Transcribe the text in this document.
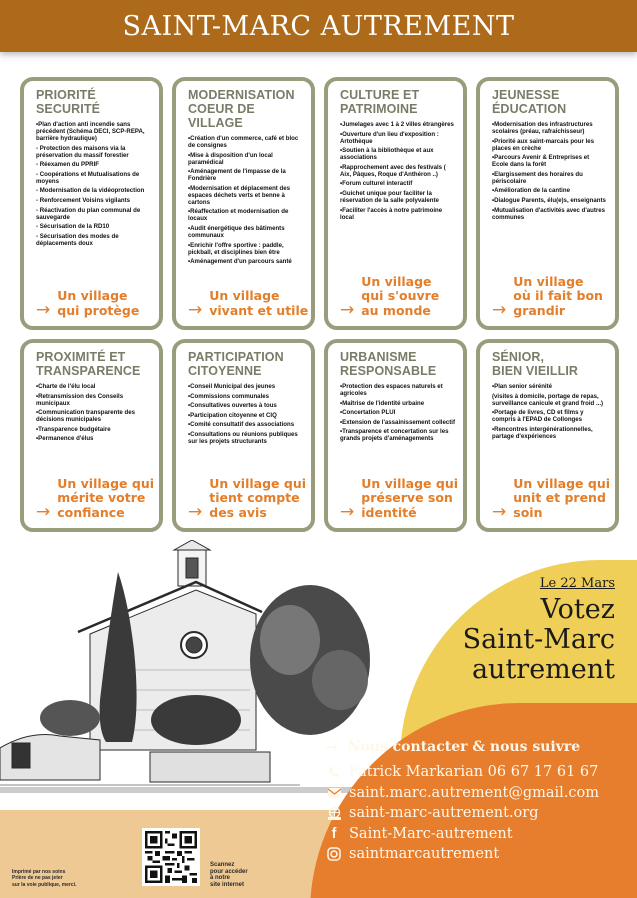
SAINT-MARC AUTREMENT
PRIORITÉ
SECURITÉ
•Plan d'action anti incendie sans précédent (Schéma DECI, SCP-REPA, barrière hydraulique)
- Protection des maisons via la préservation du massif forestier
- Réexamen du PPRIF
- Coopérations et Mutualisations de moyens
- Modernisation de la vidéoprotection
- Renforcement Voisins vigilants
- Réactivation du plan communal de sauvegarde
- Sécurisation de la RD10
- Sécurisation des modes de déplacements doux
→
Un village
qui protège
MODERNISATION
COEUR DE VILLAGE
•Création d'un commerce, café et bloc de consignes
•Mise à disposition d'un local paramédical
•Aménagement de l'impasse de la Fondrière
•Modernisation et déplacement des espaces déchets verts et benne à cartons
•Réaffectation et modernisation de locaux
•Audit énergétique des bâtiments communaux
•Enrichir l'offre sportive : paddle, pickball, et disciplines bien être
•Aménagement d'un parcours santé
→
Un village
vivant et utile
CULTURE ET
PATRIMOINE
•Jumelages avec 1 à 2 villes étrangères
•Ouverture d'un lieu d'exposition : Artothèque
•Soutien à la bibliothèque et aux associations
•Rapprochement avec des festivals ( Aix, Pâques, Roque d'Anthéron ..)
•Forum culturel interactif
•Guichet unique pour faciliter la réservation de la salle polyvalente
•Faciliter l'accès à notre patrimoine local
→
Un village
qui s'ouvre
au monde
JEUNESSE
ÉDUCATION
•Modernisation des infrastructures scolaires (préau, rafraîchisseur)
•Priorité aux saint-marcais pour les places en crèche
•Parcours Avenir & Entreprises et Ecole dans la forêt
•Elargissement des horaires du périscolaire
•Amélioration de la cantine
•Dialogue Parents, élu(e)s, enseignants
•Mutualisation d'activités avec d'autres communes
→
Un village
où il fait bon
grandir
PROXIMITÉ ET
TRANSPARENCE
•Charte de l'élu local
•Retransmission des Conseils municipaux
•Communication transparente des décisions municipales
•Transparence budgétaire
•Permanence d'élus
→
Un village qui
mérite votre
confiance
PARTICIPATION
CITOYENNE
•Conseil Municipal des jeunes
•Commissions communales
•Consultatives ouvertes à tous
•Participation citoyenne et CIQ
•Comité consultatif des associations
•Consultations ou réunions publiques sur les projets structurants
→
Un village qui
tient compte
des avis
URBANISME
RESPONSABLE
•Protection des espaces naturels et agricoles
•Maîtrise de l'identité urbaine
•Concertation PLUI
•Extension de l'assainissement collectif
•Transparence et concertation sur les grands projets d'aménagements
→
Un village qui
préserve son
identité
SÉNIOR,
BIEN VIEILLIR
•Plan senior sérénité
(visites à domicile, portage de repas, surveillance canicule et grand froid ...)
•Portage de livres, CD et films y compris à l'EPAD de Collonges
•Rencontres intergénérationnelles, partage d'expériences
→
Un village qui
unit et prend
soin
Le 22 Mars
Votez
Saint-Marc
autrement
→ Nous contacter & nous suivre
Patrick Markarian 06 67 17 61 67
saint.marc.autrement@gmail.com
saint-marc-autrement.org
f Saint-Marc-autrement
saintmarcautrement
Scannez
pour accéder
à notre
site internet
Imprimé par nos soins
Prière de ne pas jeter
sur la voie publique, merci.
